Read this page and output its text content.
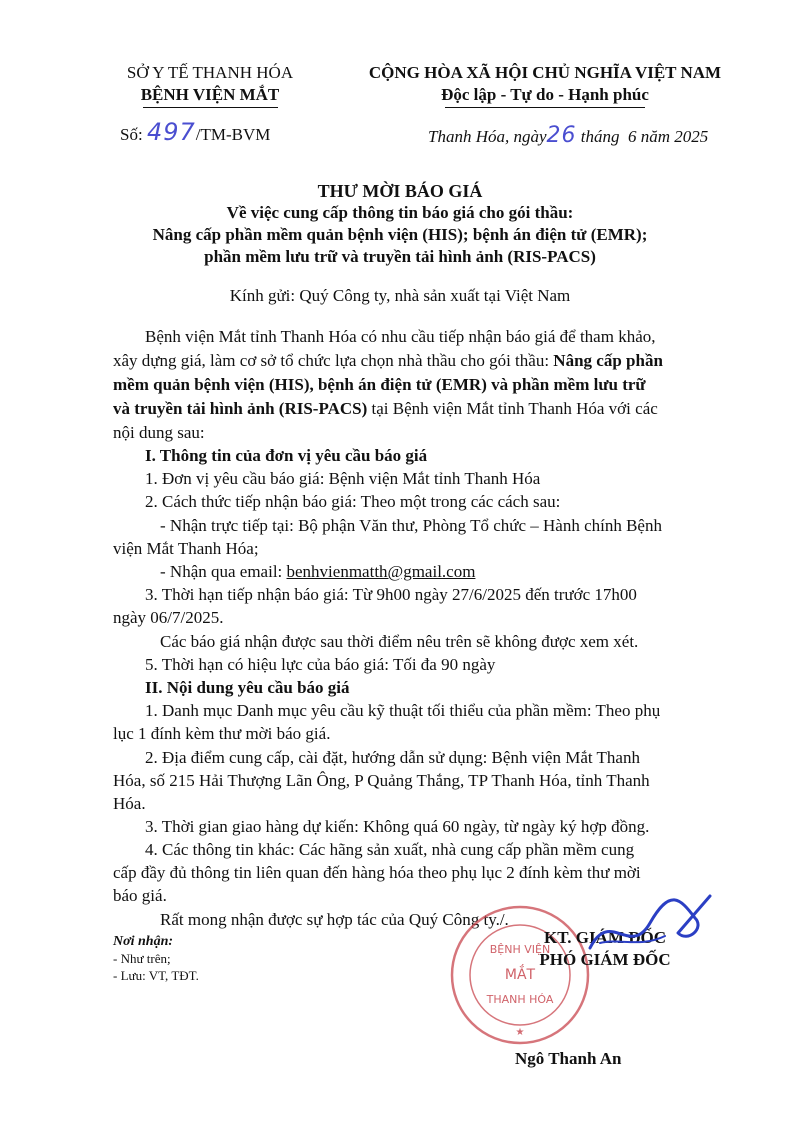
SỞ Y TẾ THANH HÓA
BỆNH VIỆN MẮT
CỘNG HÒA XÃ HỘI CHỦ NGHĨA VIỆT NAM
Độc lập - Tự do - Hạnh phúc
Số: 497/TM-BVM	Thanh Hóa, ngày26 tháng  6 năm 2025
THƯ MỜI BÁO GIÁ
Về việc cung cấp thông tin báo giá cho gói thầu:
Nâng cấp phần mềm quản bệnh viện (HIS); bệnh án điện tử (EMR);
phần mềm lưu trữ và truyền tải hình ảnh (RIS-PACS)
Kính gửi: Quý Công ty, nhà sản xuất tại Việt Nam
Bệnh viện Mắt tỉnh Thanh Hóa có nhu cầu tiếp nhận báo giá để tham khảo,
xây dựng giá, làm cơ sở tổ chức lựa chọn nhà thầu cho gói thầu: Nâng cấp phần
mềm quản bệnh viện (HIS), bệnh án điện tử (EMR) và phần mềm lưu trữ
và truyền tải hình ảnh (RIS-PACS) tại Bệnh viện Mắt tỉnh Thanh Hóa với các
nội dung sau:
I. Thông tin của đơn vị yêu cầu báo giá
1. Đơn vị yêu cầu báo giá: Bệnh viện Mắt tỉnh Thanh Hóa
2. Cách thức tiếp nhận báo giá: Theo một trong các cách sau:
- Nhận trực tiếp tại: Bộ phận Văn thư, Phòng Tổ chức – Hành chính Bệnh
viện Mắt Thanh Hóa;
- Nhận qua email: benhvienmatth@gmail.com
3. Thời hạn tiếp nhận báo giá: Từ 9h00 ngày 27/6/2025 đến trước 17h00
ngày 06/7/2025.
Các báo giá nhận được sau thời điểm nêu trên sẽ không được xem xét.
5. Thời hạn có hiệu lực của báo giá: Tối đa 90 ngày
II. Nội dung yêu cầu báo giá
1. Danh mục Danh mục yêu cầu kỹ thuật tối thiểu của phần mềm: Theo phụ
lục 1 đính kèm thư mời báo giá.
2. Địa điểm cung cấp, cài đặt, hướng dẫn sử dụng: Bệnh viện Mắt Thanh
Hóa, số 215 Hải Thượng Lãn Ông, P Quảng Thắng, TP Thanh Hóa, tỉnh Thanh
Hóa.
3. Thời gian giao hàng dự kiến: Không quá 60 ngày, từ ngày ký hợp đồng.
4. Các thông tin khác: Các hãng sản xuất, nhà cung cấp phần mềm cung
cấp đầy đủ thông tin liên quan đến hàng hóa theo phụ lục 2 đính kèm thư mời
báo giá.
Rất mong nhận được sự hợp tác của Quý Công ty./.
Nơi nhận:
- Như trên;
- Lưu: VT, TĐT.
BỆNH VIỆN
MẮT
THANH HÓA
★
KT. GIÁM ĐỐC
PHÓ GIÁM ĐỐC
Ngô Thanh An
